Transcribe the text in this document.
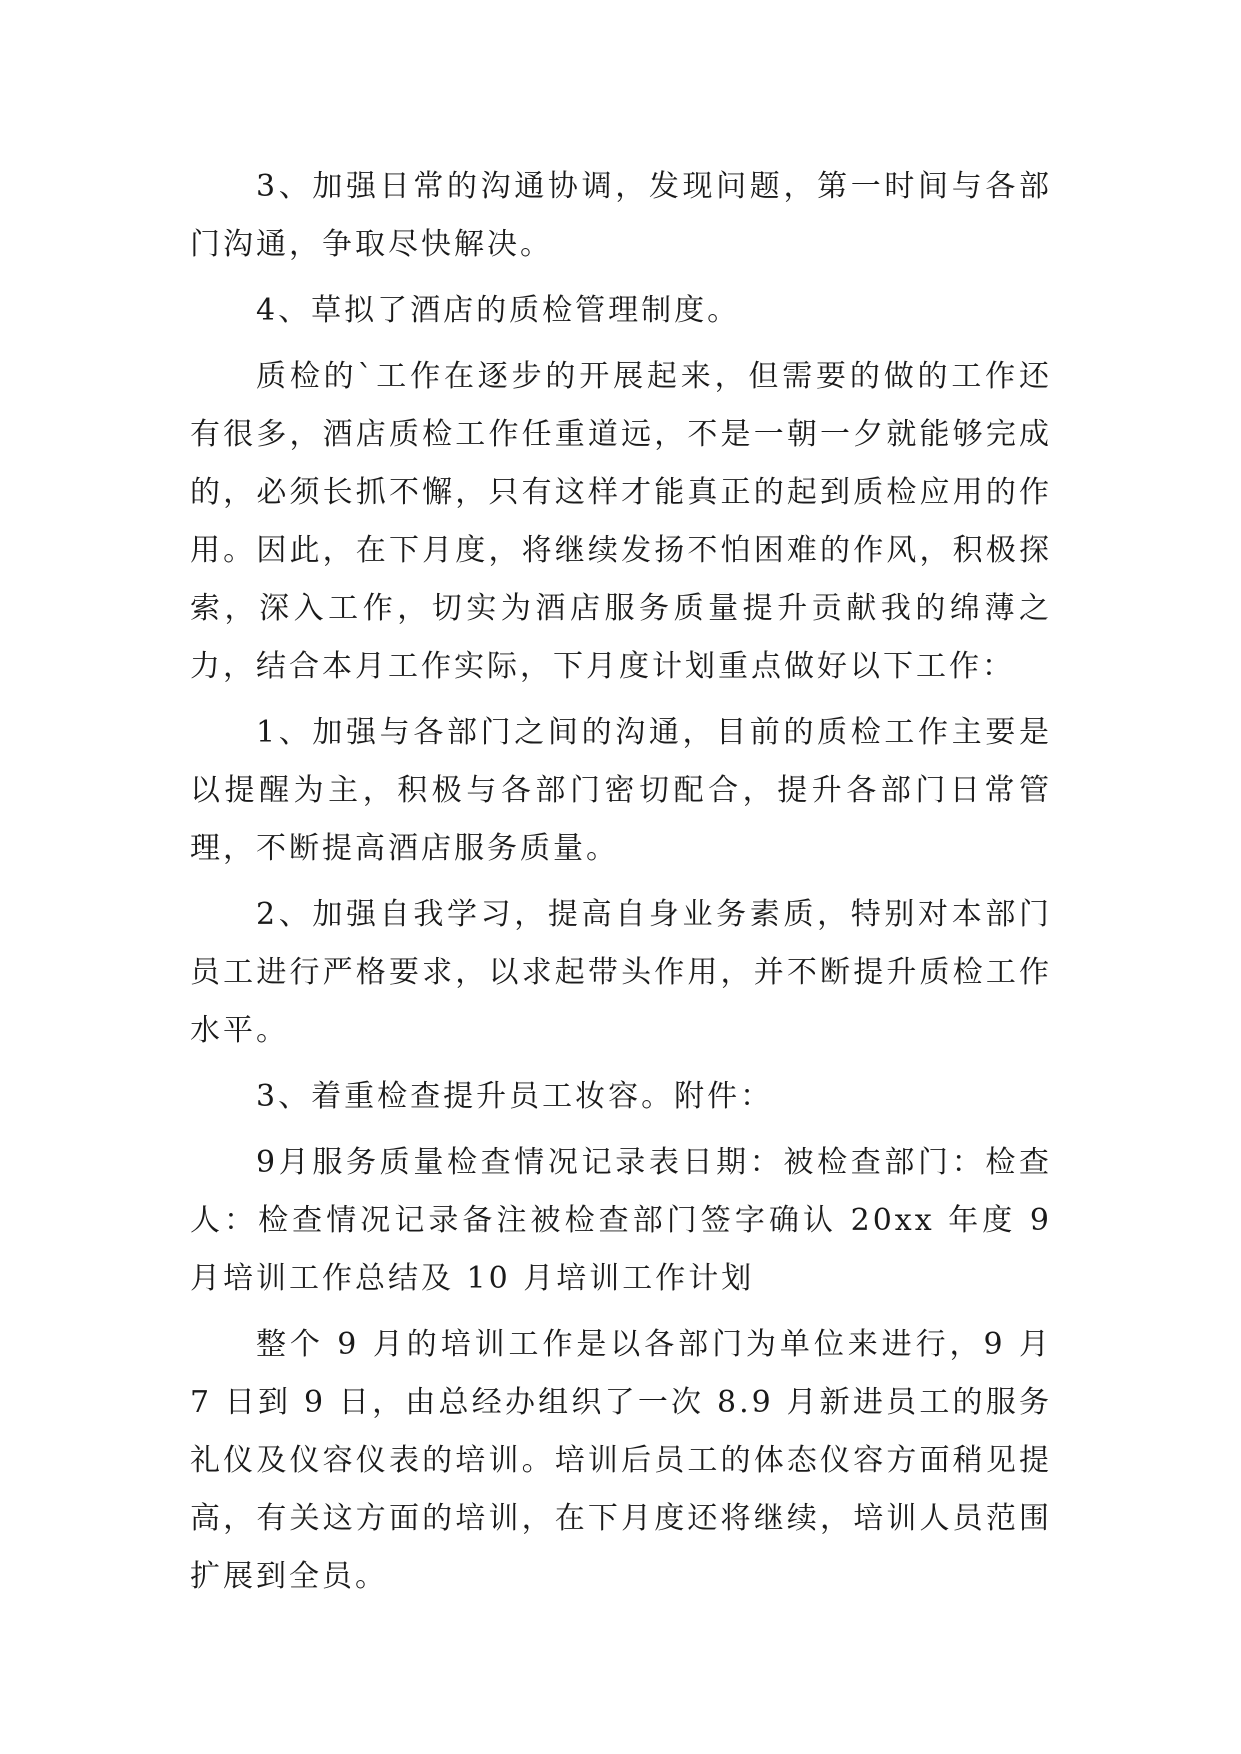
3、加强日常的沟通协调，发现问题，第一时间与各部门沟通，争取尽快解决。

4、草拟了酒店的质检管理制度。

质检的`工作在逐步的开展起来，但需要的做的工作还有很多，酒店质检工作任重道远，不是一朝一夕就能够完成的，必须长抓不懈，只有这样才能真正的起到质检应用的作用。因此，在下月度，将继续发扬不怕困难的作风，积极探索，深入工作，切实为酒店服务质量提升贡献我的绵薄之力，结合本月工作实际，下月度计划重点做好以下工作：

1、加强与各部门之间的沟通，目前的质检工作主要是以提醒为主，积极与各部门密切配合，提升各部门日常管理，不断提高酒店服务质量。

2、加强自我学习，提高自身业务素质，特别对本部门员工进行严格要求，以求起带头作用，并不断提升质检工作水平。

3、着重检查提升员工妆容。附件：

9月服务质量检查情况记录表日期：被检查部门：检查人：检查情况记录备注被检查部门签字确认 20xx 年度 9 月培训工作总结及 10 月培训工作计划

整个 9 月的培训工作是以各部门为单位来进行，9 月 7 日到 9 日，由总经办组织了一次 8.9 月新进员工的服务礼仪及仪容仪表的培训。培训后员工的体态仪容方面稍见提高，有关这方面的培训，在下月度还将继续，培训人员范围扩展到全员。
